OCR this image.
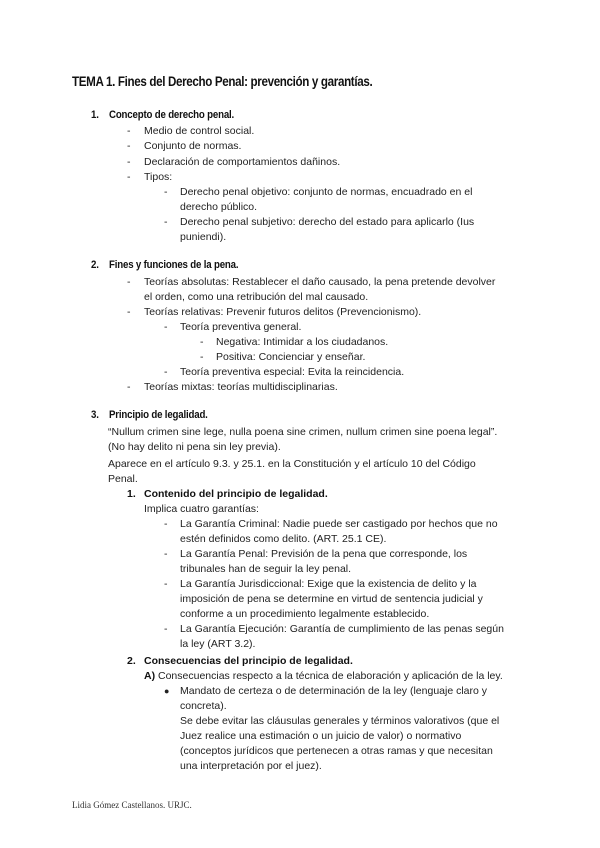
TEMA 1. Fines del Derecho Penal: prevención y garantías.
1. Concepto de derecho penal.
- Medio de control social.
- Conjunto de normas.
- Declaración de comportamientos dañinos.
- Tipos:
- Derecho penal objetivo: conjunto de normas, encuadrado en el
derecho público.
- Derecho penal subjetivo: derecho del estado para aplicarlo (Ius
puniendi).
2. Fines y funciones de la pena.
- Teorías absolutas: Restablecer el daño causado, la pena pretende devolver
el orden, como una retribución del mal causado.
- Teorías relativas: Prevenir futuros delitos (Prevencionismo).
- Teoría preventiva general.
- Negativa: Intimidar a los ciudadanos.
- Positiva: Concienciar y enseñar.
- Teoría preventiva especial: Evita la reincidencia.
- Teorías mixtas: teorías multidisciplinarias.
3. Principio de legalidad.
“Nullum crimen sine lege, nulla poena sine crimen, nullum crimen sine poena legal”.
(No hay delito ni pena sin ley previa).
Aparece en el artículo 9.3. y 25.1. en la Constitución y el artículo 10 del Código
Penal.
1. Contenido del principio de legalidad.
Implica cuatro garantías:
- La Garantía Criminal: Nadie puede ser castigado por hechos que no
estén definidos como delito. (ART. 25.1 CE).
- La Garantía Penal: Previsión de la pena que corresponde, los
tribunales han de seguir la ley penal.
- La Garantía Jurisdiccional: Exige que la existencia de delito y la
imposición de pena se determine en virtud de sentencia judicial y
conforme a un procedimiento legalmente establecido.
- La Garantía Ejecución: Garantía de cumplimiento de las penas según
la ley (ART 3.2).
2. Consecuencias del principio de legalidad.
A) Consecuencias respecto a la técnica de elaboración y aplicación de la ley.
● Mandato de certeza o de determinación de la ley (lenguaje claro y
concreta).
Se debe evitar las cláusulas generales y términos valorativos (que el
Juez realice una estimación o un juicio de valor) o normativo
(conceptos jurídicos que pertenecen a otras ramas y que necesitan
una interpretación por el juez).
Lidia Gómez Castellanos. URJC.
